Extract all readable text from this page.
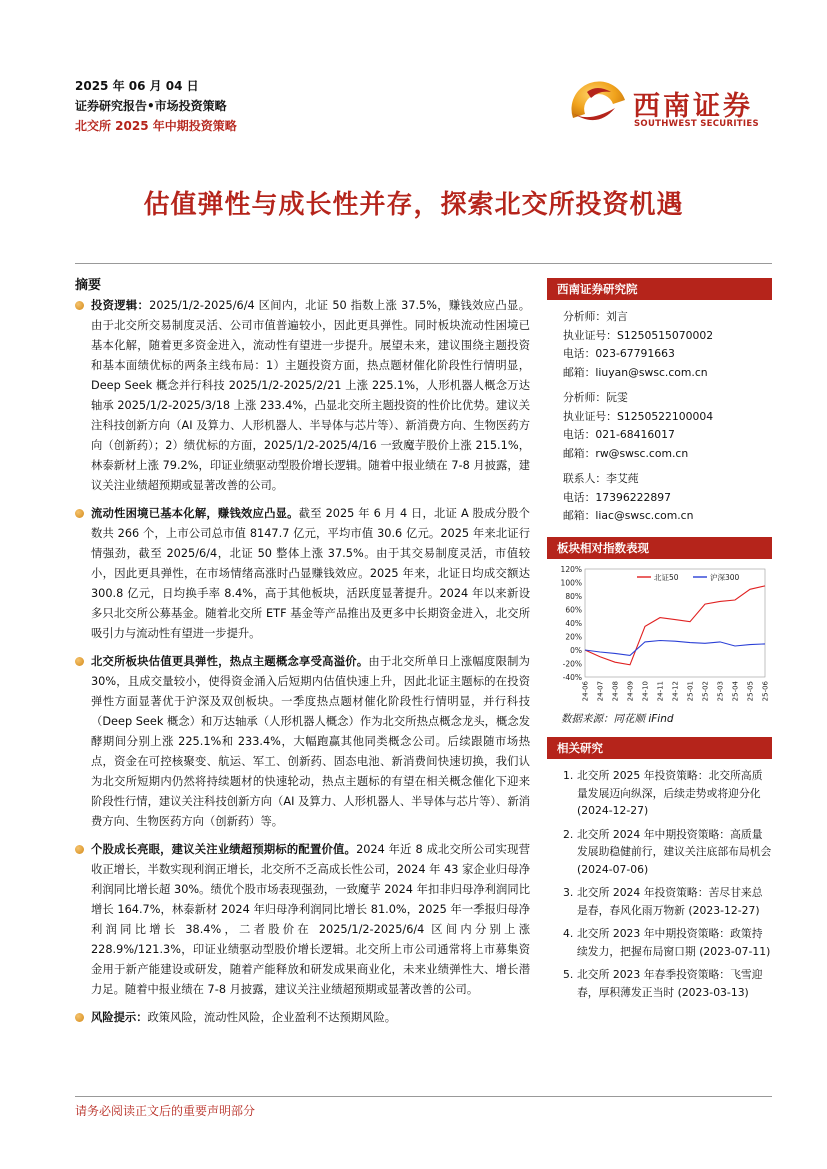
2025 年 06 月 04 日
证券研究报告•市场投资策略
北交所 2025 年中期投资策略
西南证券
SOUTHWEST SECURITIES
估值弹性与成长性并存，探索北交所投资机遇
摘要
投资逻辑：2025/1/2-2025/6/4 区间内，北证 50 指数上涨 37.5%，赚钱效应凸显。由于北交所交易制度灵活、公司市值普遍较小，因此更具弹性。同时板块流动性困境已基本化解，随着更多资金进入，流动性有望进一步提升。展望未来，建议围绕主题投资和基本面绩优标的两条主线布局：1）主题投资方面，热点题材催化阶段性行情明显，Deep Seek 概念并行科技 2025/1/2-2025/2/21 上涨 225.1%，人形机器人概念万达轴承 2025/1/2-2025/3/18 上涨 233.4%，凸显北交所主题投资的性价比优势。建议关注科技创新方向（AI 及算力、人形机器人、半导体与芯片等）、新消费方向、生物医药方向（创新药）；2）绩优标的方面，2025/1/2-2025/4/16 一致魔芋股价上涨 215.1%，林泰新材上涨 79.2%，印证业绩驱动型股价增长逻辑。随着中报业绩在 7-8 月披露，建议关注业绩超预期或显著改善的公司。
流动性困境已基本化解，赚钱效应凸显。截至 2025 年 6 月 4 日，北证 A 股成分股个数共 266 个，上市公司总市值 8147.7 亿元，平均市值 30.6 亿元。2025 年来北证行情强劲，截至 2025/6/4，北证 50 整体上涨 37.5%。由于其交易制度灵活，市值较小，因此更具弹性，在市场情绪高涨时凸显赚钱效应。2025 年来，北证日均成交额达 300.8 亿元，日均换手率 8.4%，高于其他板块，活跃度显著提升。2024 年以来新设多只北交所公募基金。随着北交所 ETF 基金等产品推出及更多中长期资金进入，北交所吸引力与流动性有望进一步提升。
北交所板块估值更具弹性，热点主题概念享受高溢价。由于北交所单日上涨幅度限制为 30%，且成交量较小，使得资金涌入后短期内估值快速上升，因此北证主题标的在投资弹性方面显著优于沪深及双创板块。一季度热点题材催化阶段性行情明显，并行科技（Deep Seek 概念）和万达轴承（人形机器人概念）作为北交所热点概念龙头，概念发酵期间分别上涨 225.1%和 233.4%，大幅跑赢其他同类概念公司。后续跟随市场热点，资金在可控核聚变、航运、军工、创新药、固态电池、新消费间快速切换，我们认为北交所短期内仍然将持续题材的快速轮动，热点主题标的有望在相关概念催化下迎来阶段性行情，建议关注科技创新方向（AI 及算力、人形机器人、半导体与芯片等）、新消费方向、生物医药方向（创新药）等。
个股成长亮眼，建议关注业绩超预期标的配置价值。2024 年近 8 成北交所公司实现营收正增长，半数实现利润正增长，北交所不乏高成长性公司，2024 年 43 家企业归母净利润同比增长超 30%。绩优个股市场表现强劲，一致魔芋 2024 年扣非归母净利润同比增长 164.7%，林泰新材 2024 年归母净利润同比增长 81.0%，2025 年一季报归母净利润同比增长 38.4%，二者股价在 2025/1/2-2025/6/4 区间内分别上涨 228.9%/121.3%，印证业绩驱动型股价增长逻辑。北交所上市公司通常将上市募集资金用于新产能建设或研发，随着产能释放和研发成果商业化，未来业绩弹性大、增长潜力足。随着中报业绩在 7-8 月披露，建议关注业绩超预期或显著改善的公司。
风险提示：政策风险，流动性风险，企业盈利不达预期风险。
西南证券研究院
分析师：刘言
执业证号：S1250515070002
电话：023-67791663
邮箱：liuyan@swsc.com.cn
分析师：阮雯
执业证号：S1250522100004
电话：021-68416017
邮箱：rw@swsc.com.cn
联系人：李艾莼
电话：17396222897
邮箱：liac@swsc.com.cn
板块相对指数表现
120%
100%
80%
60%
40%
20%
0%
-20%
-40%
24-06 24-07 24-08 24-09 24-10 24-11 24-12 25-01 25-02 25-03 25-04 25-05 25-06
北证50	沪深300
数据来源：同花顺 iFind
相关研究
1. 北交所 2025 年投资策略：北交所高质量发展迈向纵深，后续走势或将迎分化 (2024-12-27)
2. 北交所 2024 年中期投资策略：高质量发展助稳健前行，建议关注底部布局机会 (2024-07-06)
3. 北交所 2024 年投资策略：苦尽甘来总是春，春风化雨万物新 (2023-12-27)
4. 北交所 2023 年中期投资策略：政策持续发力，把握布局窗口期 (2023-07-11)
5. 北交所 2023 年春季投资策略：飞雪迎春，厚积薄发正当时 (2023-03-13)
请务必阅读正文后的重要声明部分
